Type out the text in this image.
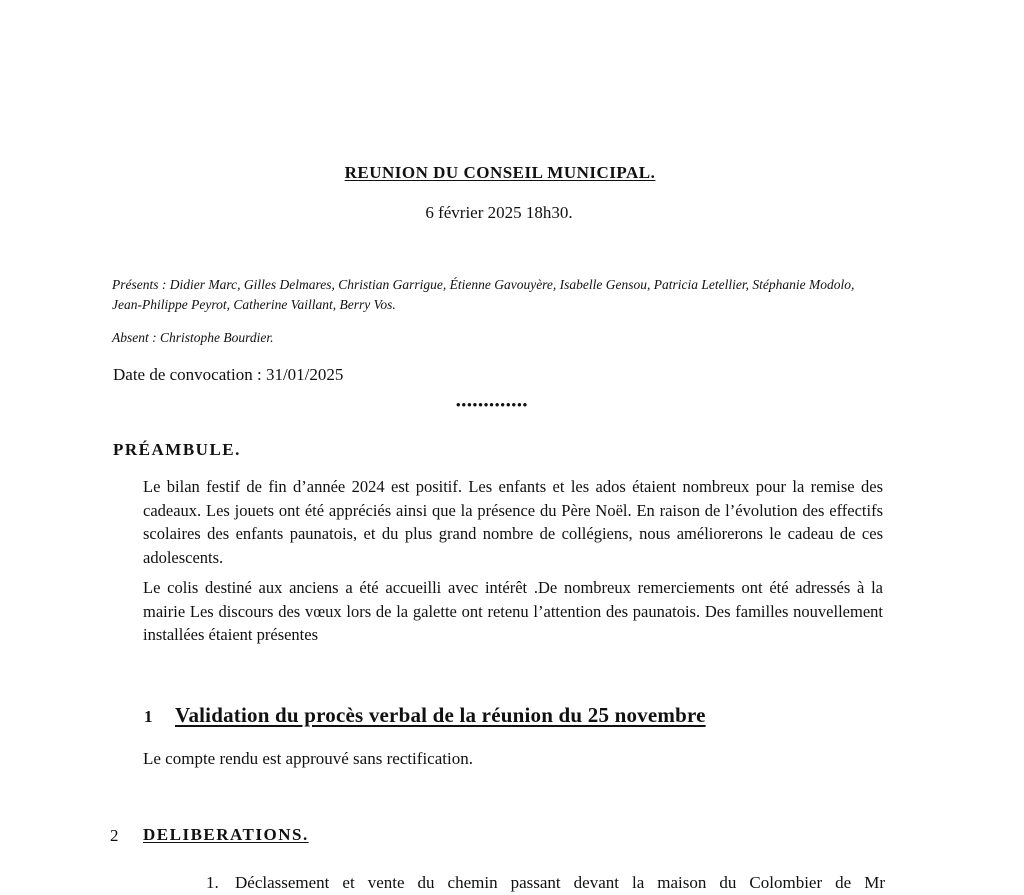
REUNION DU CONSEIL MUNICIPAL.
6 février 2025 18h30.
Présents : Didier Marc, Gilles Delmares, Christian Garrigue, Étienne Gavouyère, Isabelle Gensou, Patricia Letellier, Stéphanie Modolo, Jean-Philippe Peyrot, Catherine Vaillant, Berry Vos.
Absent : Christophe Bourdier.
Date de convocation : 31/01/2025
•••••••••••••
PRÉAMBULE.
Le bilan festif de fin d’année 2024 est positif. Les enfants et les ados étaient nombreux pour la remise des cadeaux. Les jouets ont été appréciés ainsi que la présence du Père Noël. En raison de l’évolution des effectifs scolaires des enfants paunatois, et du plus grand nombre de collégiens, nous améliorerons le cadeau de ces adolescents.
Le colis destiné aux anciens a été accueilli avec intérêt .De nombreux remerciements ont été adressés à la mairie Les discours des vœux lors de la galette ont retenu l’attention des paunatois. Des familles nouvellement installées étaient présentes
1 Validation du procès verbal de la réunion du 25 novembre
Le compte rendu est approuvé sans rectification.
2 DELIBERATIONS.
1. Déclassement et vente du chemin passant devant la maison du Colombier de Mr
